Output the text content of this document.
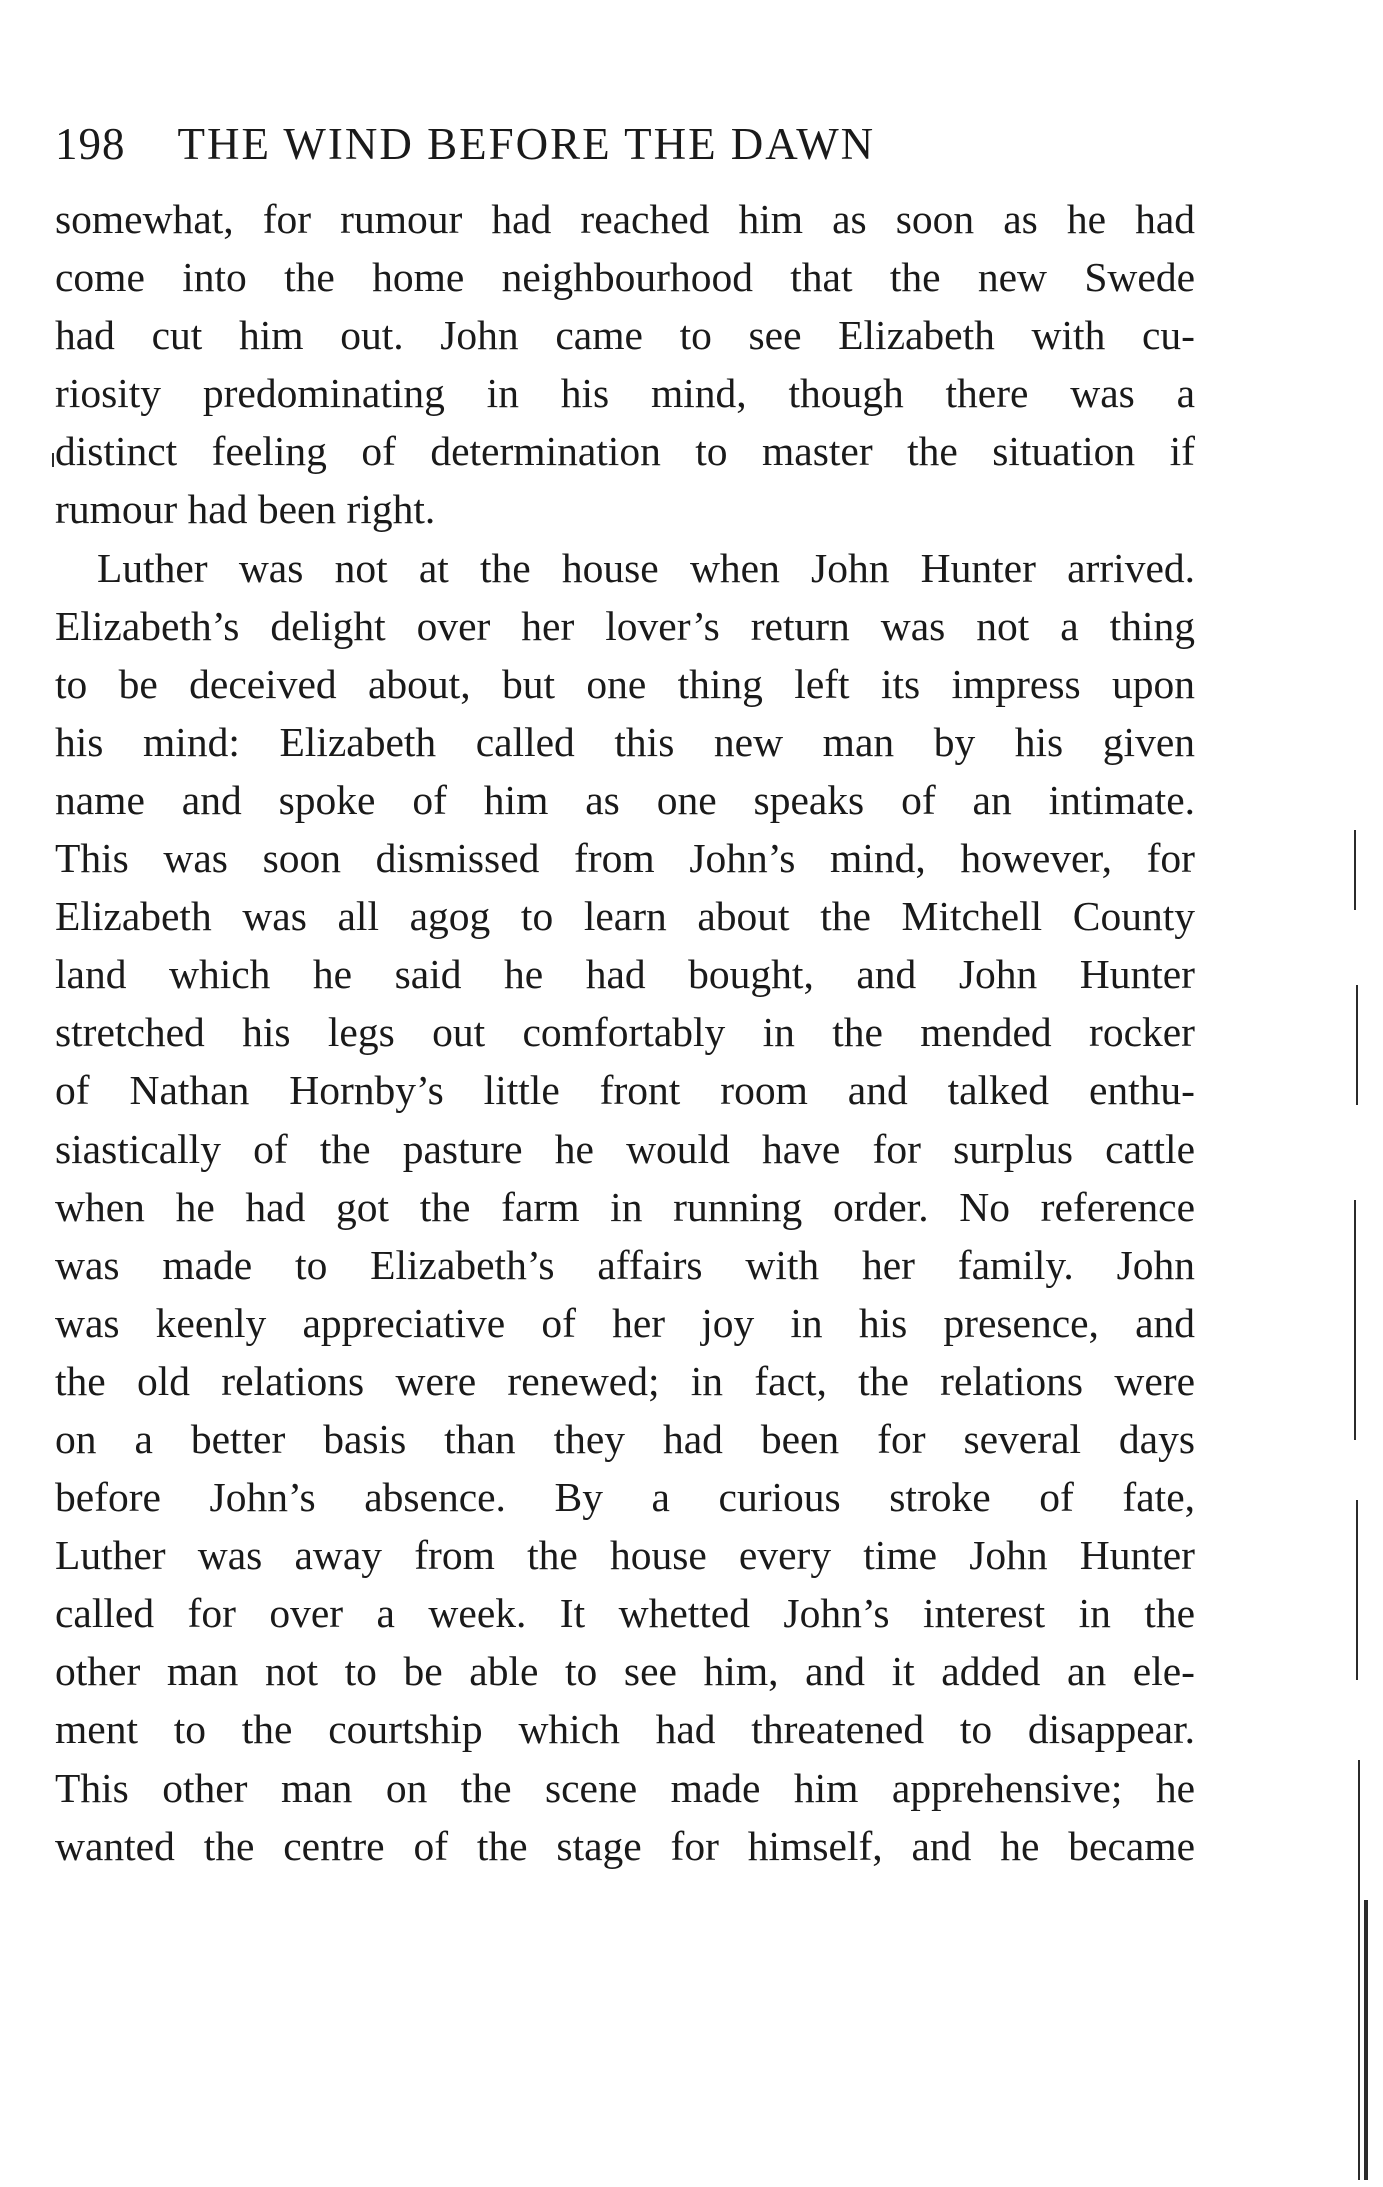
198 THE WIND BEFORE THE DAWN
somewhat, for rumour had reached him as soon as he had
come into the home neighbourhood that the new Swede
had cut him out. John came to see Elizabeth with cu-
riosity predominating in his mind, though there was a
distinct feeling of determination to master the situation if
rumour had been right.
Luther was not at the house when John Hunter arrived.
Elizabeth’s delight over her lover’s return was not a thing
to be deceived about, but one thing left its impress upon
his mind: Elizabeth called this new man by his given
name and spoke of him as one speaks of an intimate.
This was soon dismissed from John’s mind, however, for
Elizabeth was all agog to learn about the Mitchell County
land which he said he had bought, and John Hunter
stretched his legs out comfortably in the mended rocker
of Nathan Hornby’s little front room and talked enthu-
siastically of the pasture he would have for surplus cattle
when he had got the farm in running order. No reference
was made to Elizabeth’s affairs with her family. John
was keenly appreciative of her joy in his presence, and
the old relations were renewed; in fact, the relations were
on a better basis than they had been for several days
before John’s absence. By a curious stroke of fate,
Luther was away from the house every time John Hunter
called for over a week. It whetted John’s interest in the
other man not to be able to see him, and it added an ele-
ment to the courtship which had threatened to disappear.
This other man on the scene made him apprehensive; he
wanted the centre of the stage for himself, and he became
